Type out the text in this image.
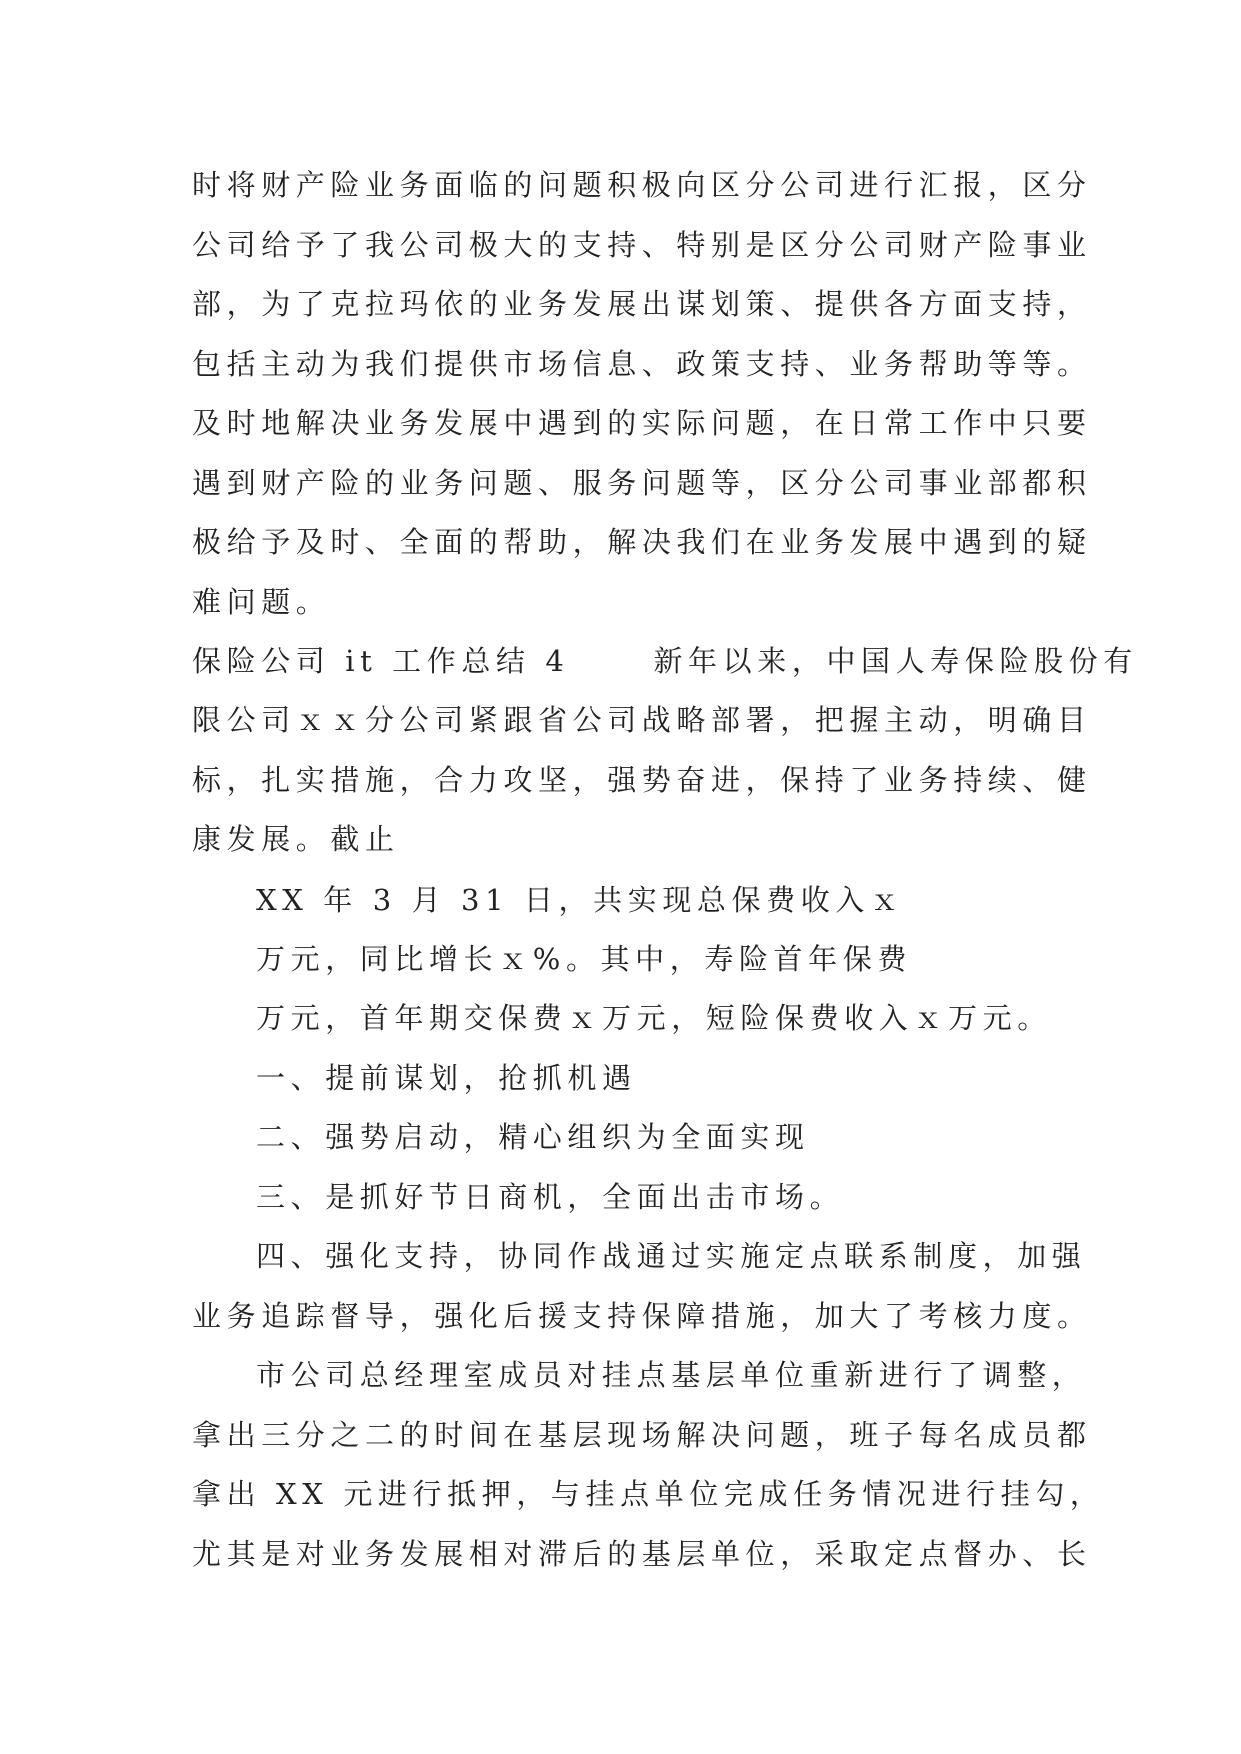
时将财产险业务面临的问题积极向区分公司进行汇报，区分
公司给予了我公司极大的支持、特别是区分公司财产险事业
部，为了克拉玛依的业务发展出谋划策、提供各方面支持，
包括主动为我们提供市场信息、政策支持、业务帮助等等。
及时地解决业务发展中遇到的实际问题，在日常工作中只要
遇到财产险的业务问题、服务问题等，区分公司事业部都积
极给予及时、全面的帮助，解决我们在业务发展中遇到的疑
难问题。
保险公司 it 工作总结 4 　　新年以来，中国人寿保险股份有
限公司ｘｘ分公司紧跟省公司战略部署，把握主动，明确目
标，扎实措施，合力攻坚，强势奋进，保持了业务持续、健
康发展。截止
XX 年 3 月 31 日，共实现总保费收入ｘ
万元，同比增长ｘ%。其中，寿险首年保费
万元，首年期交保费ｘ万元，短险保费收入ｘ万元。
一、提前谋划，抢抓机遇
二、强势启动，精心组织为全面实现
三、是抓好节日商机，全面出击市场。
四、强化支持，协同作战通过实施定点联系制度，加强
业务追踪督导，强化后援支持保障措施，加大了考核力度。
市公司总经理室成员对挂点基层单位重新进行了调整，
拿出三分之二的时间在基层现场解决问题，班子每名成员都
拿出 XX 元进行抵押，与挂点单位完成任务情况进行挂勾，
尤其是对业务发展相对滞后的基层单位，采取定点督办、长
